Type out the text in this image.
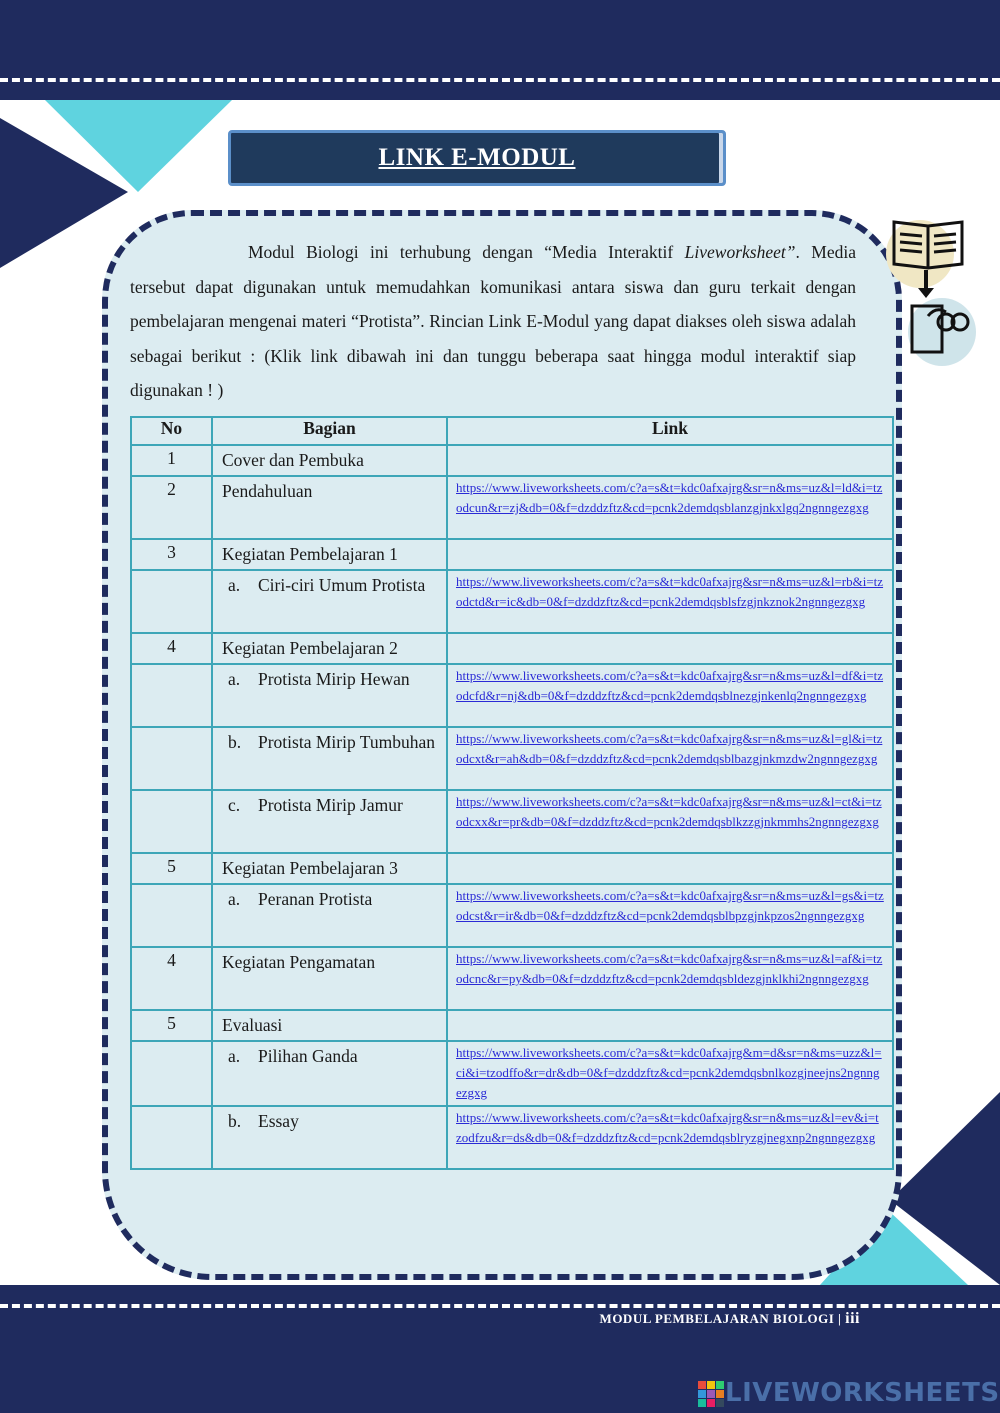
LINK E-MODUL
Modul Biologi ini terhubung dengan “Media Interaktif Liveworksheet”. Media tersebut dapat digunakan untuk memudahkan komunikasi antara siswa dan guru terkait dengan pembelajaran mengenai materi “Protista”. Rincian Link E-Modul yang dapat diakses oleh siswa adalah sebagai berikut : (Klik link dibawah ini dan tunggu beberapa saat hingga modul interaktif siap digunakan ! )
No	Bagian	Link
1	Cover dan Pembuka	
2	Pendahuluan	https://www.liveworksheets.com/c?a=s&t=kdc0afxajrg&sr=n&ms=uz&l=ld&i=tzodcun&r=zj&db=0&f=dzddzftz&cd=pcnk2demdqsblanzgjnkxlgq2ngnngezgxg

3	Kegiatan Pembelajaran 1	

	a. Ciri-ciri Umum Protista	https://www.liveworksheets.com/c?a=s&t=kdc0afxajrg&sr=n&ms=uz&l=rb&i=tzodctd&r=ic&db=0&f=dzddzftz&cd=pcnk2demdqsblsfzgjnkznok2ngnngezgxg

4	Kegiatan Pembelajaran 2	

	a. Protista Mirip Hewan	https://www.liveworksheets.com/c?a=s&t=kdc0afxajrg&sr=n&ms=uz&l=df&i=tzodcfd&r=nj&db=0&f=dzddzftz&cd=pcnk2demdqsblnezgjnkenlq2ngnngezgxg

	b. Protista Mirip Tumbuhan	https://www.liveworksheets.com/c?a=s&t=kdc0afxajrg&sr=n&ms=uz&l=gl&i=tzodcxt&r=ah&db=0&f=dzddzftz&cd=pcnk2demdqsblbazgjnkmzdw2ngnngezgxg

	c. Protista Mirip Jamur	https://www.liveworksheets.com/c?a=s&t=kdc0afxajrg&sr=n&ms=uz&l=ct&i=tzodcxx&r=pr&db=0&f=dzddzftz&cd=pcnk2demdqsblkzzgjnkmmhs2ngnngezgxg

5	Kegiatan Pembelajaran 3	

	a. Peranan Protista	https://www.liveworksheets.com/c?a=s&t=kdc0afxajrg&sr=n&ms=uz&l=gs&i=tzodcst&r=ir&db=0&f=dzddzftz&cd=pcnk2demdqsblbpzgjnkpzos2ngnngezgxg

4	Kegiatan Pengamatan	https://www.liveworksheets.com/c?a=s&t=kdc0afxajrg&sr=n&ms=uz&l=af&i=tzodcnc&r=py&db=0&f=dzddzftz&cd=pcnk2demdqsbldezgjnklkhi2ngnngezgxg

5	Evaluasi	

	a. Pilihan Ganda	https://www.liveworksheets.com/c?a=s&t=kdc0afxajrg&m=d&sr=n&ms=uzz&l=ci&i=tzodffo&r=dr&db=0&f=dzddzftz&cd=pcnk2demdqsbnlkozgjneejns2ngnngezgxg

	b. Essay	https://www.liveworksheets.com/c?a=s&t=kdc0afxajrg&sr=n&ms=uz&l=ev&i=tzodfzu&r=ds&db=0&f=dzddzftz&cd=pcnk2demdqsblryzgjnegxnp2ngnngezgxg
MODUL PEMBELAJARAN BIOLOGI | iii
LIVEWORKSHEETS
